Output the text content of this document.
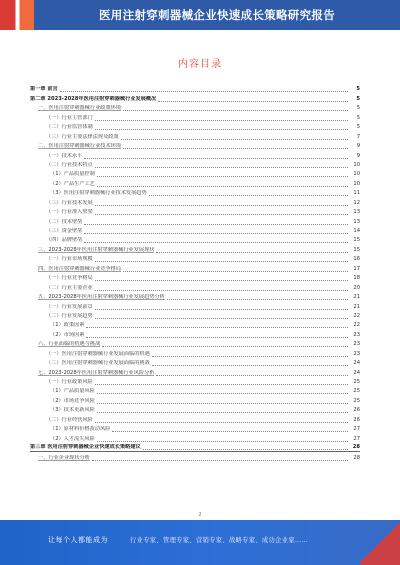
医用注射穿刺器械企业快速成长策略研究报告
内容目录
第一章 前言	5
第二章 2023-2028年医用注射穿刺器械行业发展概况	5
一、医用注射穿刺器械行业政策环境	5
（一）行业主管部门	5
（二）行业监管体制	5
（三）行业主要法律法规及政策	7
二、医用注射穿刺器械行业技术环境	9
（一）技术水平	9
（二）行业技术特点	10
（1）产品质量控制	10
（2）产品生产工艺	10
（3）医用注射穿刺器械行业技术发展趋势	11
（三）行业技术发展	12
（一）行业准入壁垒	13
（二）技术壁垒	13
（三）资金壁垒	14
（四）品牌壁垒	15
三、2023-2028年医用注射穿刺器械行业发展现状	15
（一）行业市场规模	16
四、医用注射穿刺器械行业竞争格局	17
（一）行业竞争格局	18
（二）行业主要企业	20
五、2023-2028年医用注射穿刺器械行业发展趋势分析	21
（一）行业发展前景	21
（二）行业发展趋势	22
（1）政策因素	22
（2）市场因素	23
六、行业面临的机遇与挑战	23
（一）医用注射穿刺器械行业发展面临的机遇	23
（二）医用注射穿刺器械行业发展面临的挑战	24
七、2023-2028年医用注射穿刺器械行业风险分析	24
（一）行业政策风险	25
（1）产品质量风险	25
（2）市场竞争风险	25
（3）技术更新风险	26
（二）行业经营风险	26
（1）原材料价格波动风险	27
（2）人才流失风险	27
第三章 医用注射穿刺器械企业快速成长策略建议	28
一、行业企业现状分析	28
2
让每个人都能成为	行业专家、管理专家、营销专家、战略专家、成功企业家……
